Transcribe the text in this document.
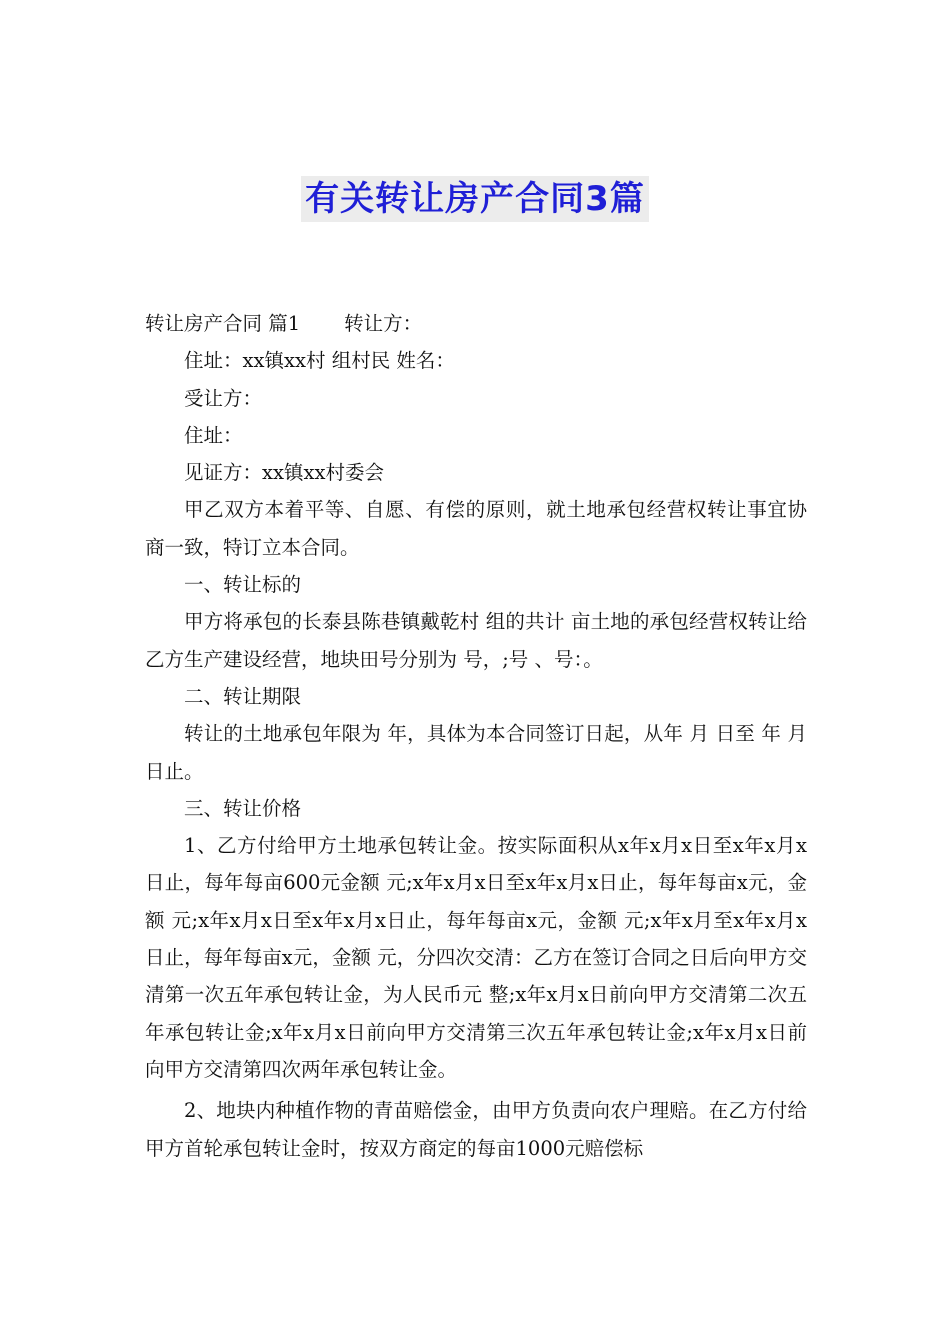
有关转让房产合同3篇

转让房产合同 篇1 转让方：

住址：xx镇xx村 组村民 姓名：

受让方：

住址：

见证方：xx镇xx村委会

甲乙双方本着平等、自愿、有偿的原则，就土地承包经营权转让事宜协商一致，特订立本合同。

一、转让标的

甲方将承包的长泰县陈巷镇戴乾村 组的共计 亩土地的承包经营权转让给乙方生产建设经营，地块田号分别为 号，;号 、号：。

二、转让期限

转让的土地承包年限为 年，具体为本合同签订日起，从年 月 日至 年 月 日止。

三、转让价格

1、乙方付给甲方土地承包转让金。按实际面积从x年x月x日至x年x月x日止，每年每亩600元金额 元;x年x月x日至x年x月x日止，每年每亩x元，金额 元;x年x月x日至x年x月x日止，每年每亩x元，金额 元;x年x月至x年x月x日止，每年每亩x元，金额 元，分四次交清：乙方在签订合同之日后向甲方交清第一次五年承包转让金，为人民币元 整;x年x月x日前向甲方交清第二次五年承包转让金;x年x月x日前向甲方交清第三次五年承包转让金;x年x月x日前向甲方交清第四次两年承包转让金。

2、地块内种植作物的青苗赔偿金，由甲方负责向农户理赔。在乙方付给甲方首轮承包转让金时，按双方商定的每亩1000元赔偿标
